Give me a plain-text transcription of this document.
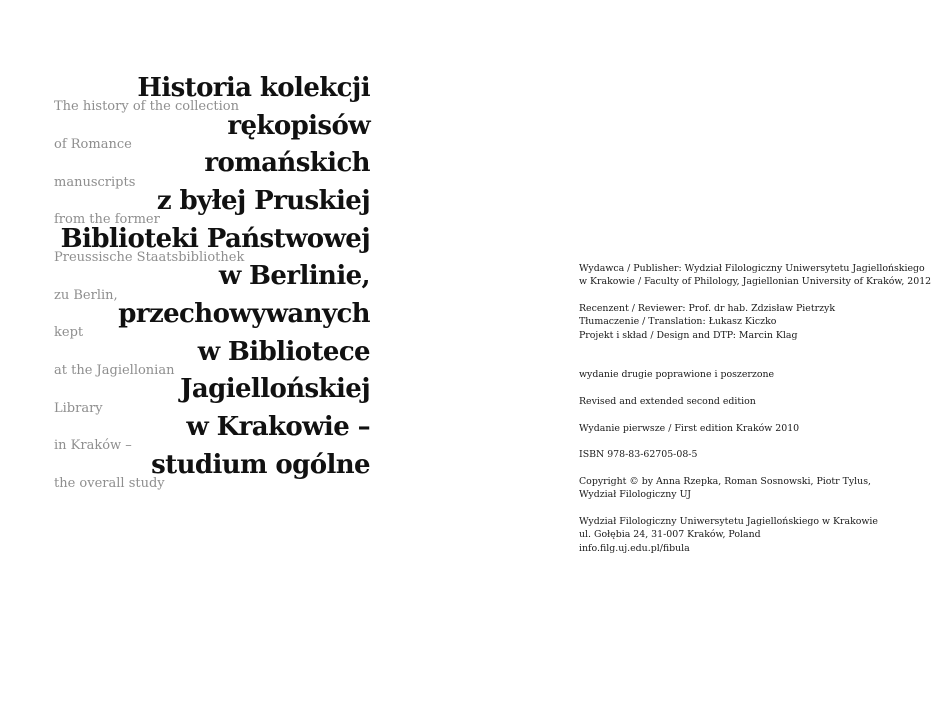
The history of the collection
of Romance
manuscripts
from the former
Preussische Staatsbibliothek
zu Berlin,
kept
at the Jagiellonian
Library
in Kraków –
the overall study
Historia kolekcji
rękopisów
romańskich
z byłej Pruskiej
Biblioteki Państwowej
w Berlinie,
przechowywanych
w Bibliotece
Jagiellońskiej
w Krakowie –
studium ogólne
Wydawca / Publisher: Wydział Filologiczny Uniwersytetu Jagiellońskiego
w Krakowie / Faculty of Philology, Jagiellonian University of Kraków, 2012
Recenzent / Reviewer: Prof. dr hab. Zdzisław Pietrzyk
Tłumaczenie / Translation: Łukasz Kiczko
Projekt i skład / Design and DTP: Marcin Klag
wydanie drugie poprawione i poszerzone
Revised and extended second edition
Wydanie pierwsze / First edition Kraków 2010
ISBN 978-83-62705-08-5
Copyright © by Anna Rzepka, Roman Sosnowski, Piotr Tylus,
Wydział Filologiczny UJ
Wydział Filologiczny Uniwersytetu Jagiellońskiego w Krakowie
ul. Gołębia 24, 31-007 Kraków, Poland
info.filg.uj.edu.pl/fibula
